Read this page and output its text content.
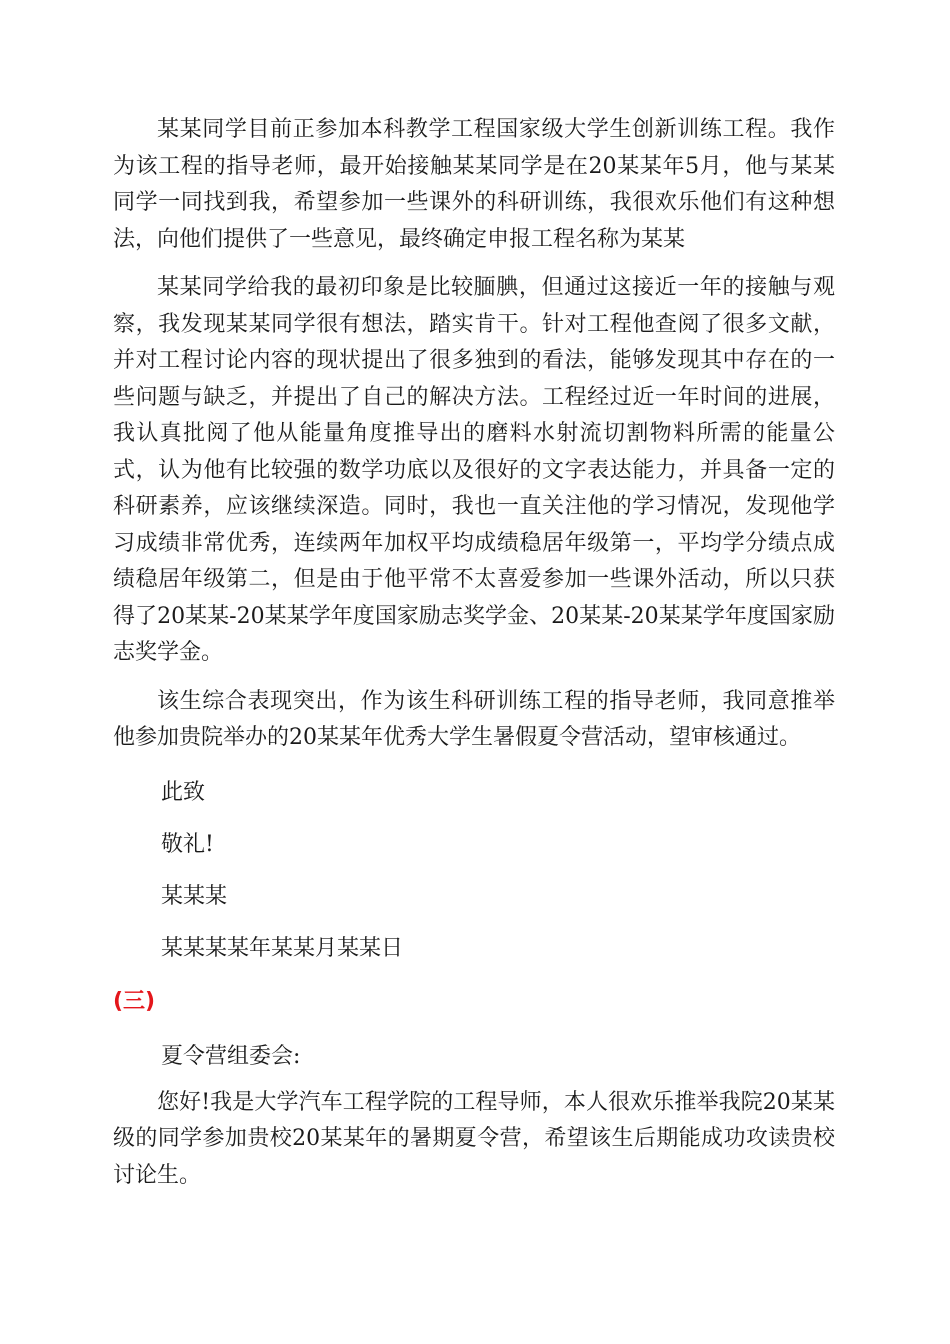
某某同学目前正参加本科教学工程国家级大学生创新训练工程。我作为该工程的指导老师，最开始接触某某同学是在20某某年5月，他与某某同学一同找到我，希望参加一些课外的科研训练，我很欢乐他们有这种想法，向他们提供了一些意见，最终确定申报工程名称为某某

某某同学给我的最初印象是比较腼腆，但通过这接近一年的接触与观察，我发现某某同学很有想法，踏实肯干。针对工程他查阅了很多文献，并对工程讨论内容的现状提出了很多独到的看法，能够发现其中存在的一些问题与缺乏，并提出了自己的解决方法。工程经过近一年时间的进展，我认真批阅了他从能量角度推导出的磨料水射流切割物料所需的能量公式，认为他有比较强的数学功底以及很好的文字表达能力，并具备一定的科研素养，应该继续深造。同时，我也一直关注他的学习情况，发现他学习成绩非常优秀，连续两年加权平均成绩稳居年级第一，平均学分绩点成绩稳居年级第二，但是由于他平常不太喜爱参加一些课外活动，所以只获得了20某某-20某某学年度国家励志奖学金、20某某-20某某学年度国家励志奖学金。

该生综合表现突出，作为该生科研训练工程的指导老师，我同意推举他参加贵院举办的20某某年优秀大学生暑假夏令营活动，望审核通过。

此致

敬礼!

某某某

某某某某年某某月某某日

(三)

夏令营组委会:

您好!我是大学汽车工程学院的工程导师，本人很欢乐推举我院20某某级的同学参加贵校20某某年的暑期夏令营，希望该生后期能成功攻读贵校讨论生。
